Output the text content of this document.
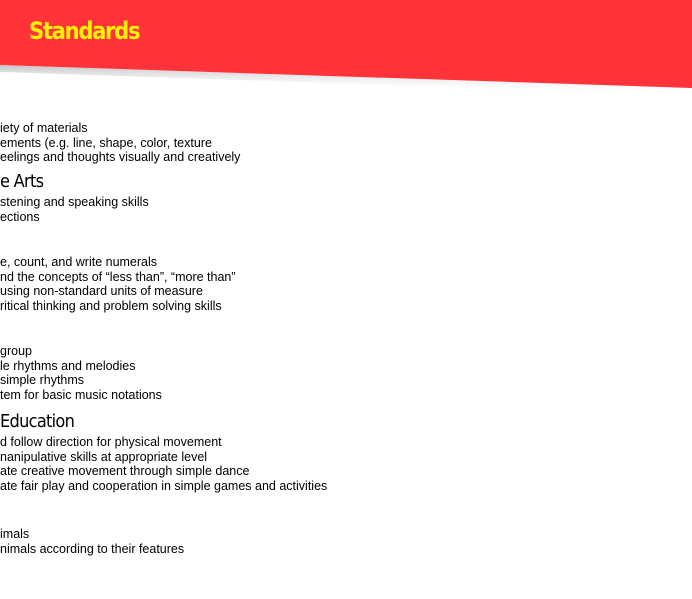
Standards
iety of materials
ements (e.g. line, shape, color, texture
eelings and thoughts visually and creatively
e Arts
stening and speaking skills
ections
e, count, and write numerals
nd the concepts of “less than”, “more than”
using non-standard units of measure
ritical thinking and problem solving skills
group
le rhythms and melodies
simple rhythms
tem for basic music notations
Education
d follow direction for physical movement
nanipulative skills at appropriate level
ate creative movement through simple dance
ate fair play and cooperation in simple games and activities
imals
nimals according to their features
